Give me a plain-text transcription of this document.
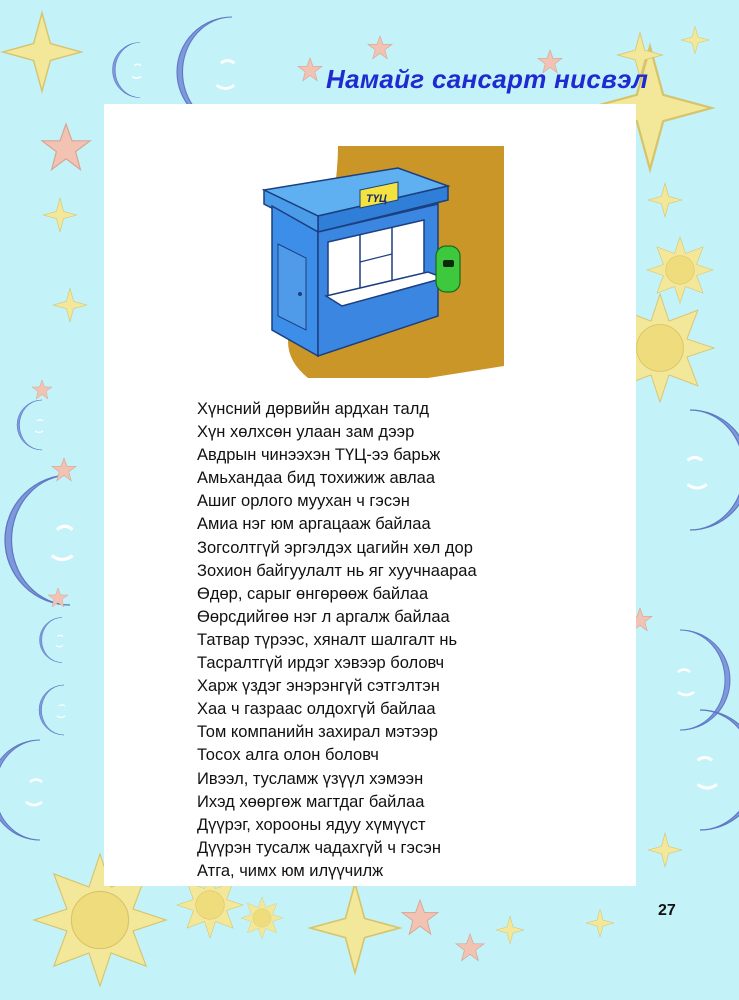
Намайг сансарт нисвэл
ТҮЦ
Хүнсний дөрвийн ардхан талд
Хүн хөлхсөн улаан зам дээр
Авдрын чинээхэн ТҮЦ-ээ барьж
Амьхандаа бид тохижиж авлаа
Ашиг орлого муухан ч гэсэн
Амиа нэг юм аргацааж байлаа
Зогсолтгүй эргэлдэх цагийн хөл дор
Зохион байгуулалт нь яг хуучнаараа
Өдөр, сарыг өнгөрөөж байлаа
Өөрсдийгөө нэг л аргалж байлаа
Татвар түрээс, хяналт шалгалт нь
Тасралтгүй ирдэг хэвээр боловч
Харж үздэг энэрэнгүй сэтгэлтэн
Хаа ч газраас олдохгүй байлаа
Том компанийн захирал мэтээр
Тосох алга олон боловч
Ивээл, тусламж үзүүл хэмээн
Ихэд хөөргөж магтдаг байлаа
Дүүрэг, хорооны ядуу хүмүүст
Дүүрэн тусалж чадахгүй ч гэсэн
Атга, чимх юм илүүчилж
27
